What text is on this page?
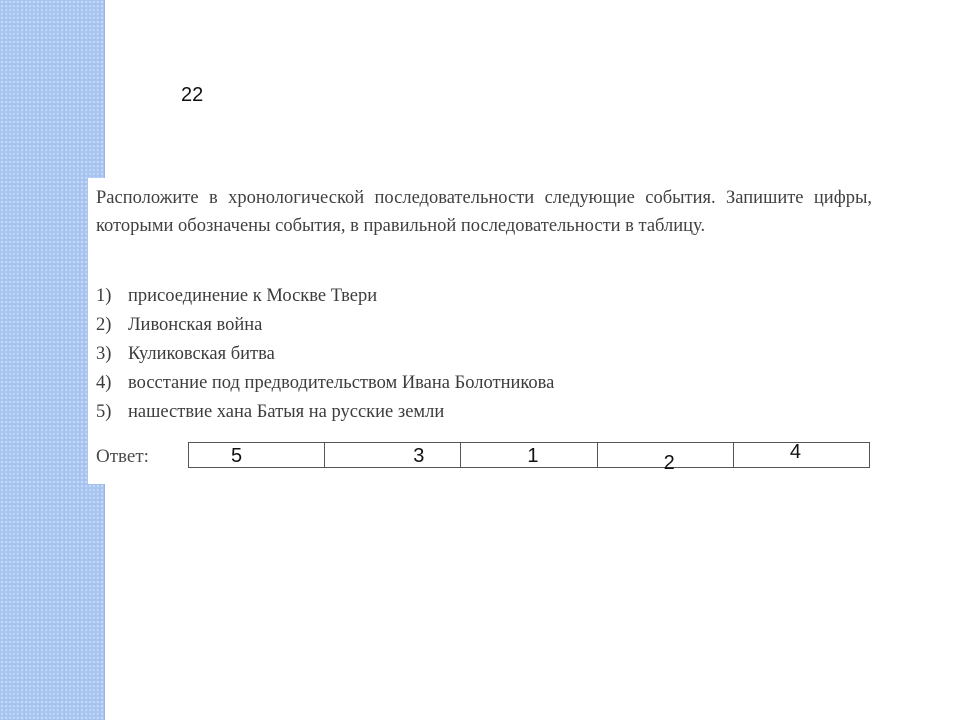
22

Расположите в хронологической последовательности следующие события. Запишите цифры, которыми обозначены события, в правильной последовательности в таблицу.

1) присоединение к Москве Твери
2) Ливонская война
3) Куликовская битва
4) восстание под предводительством Ивана Болотникова
5) нашествие хана Батыя на русские земли
Ответ:	5	3	1	2	4
